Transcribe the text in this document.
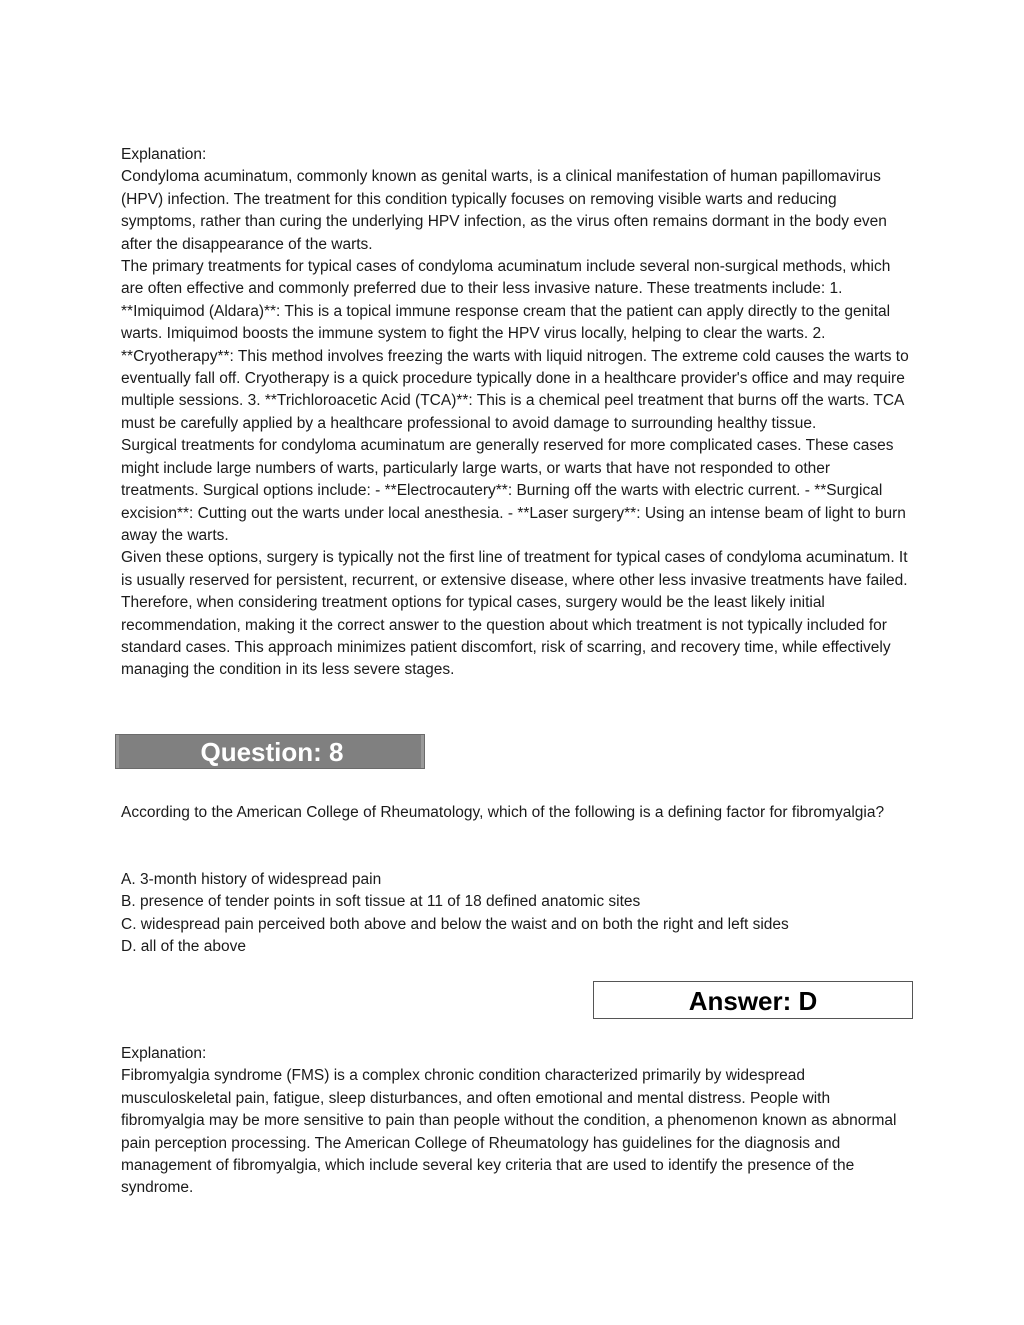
Explanation:

Condyloma acuminatum, commonly known as genital warts, is a clinical manifestation of human papillomavirus (HPV) infection. The treatment for this condition typically focuses on removing visible warts and reducing symptoms, rather than curing the underlying HPV infection, as the virus often remains dormant in the body even after the disappearance of the warts.

The primary treatments for typical cases of condyloma acuminatum include several non-surgical methods, which are often effective and commonly preferred due to their less invasive nature. These treatments include: 1. **Imiquimod (Aldara)**: This is a topical immune response cream that the patient can apply directly to the genital warts. Imiquimod boosts the immune system to fight the HPV virus locally, helping to clear the warts. 2. **Cryotherapy**: This method involves freezing the warts with liquid nitrogen. The extreme cold causes the warts to eventually fall off. Cryotherapy is a quick procedure typically done in a healthcare provider's office and may require multiple sessions. 3. **Trichloroacetic Acid (TCA)**: This is a chemical peel treatment that burns off the warts. TCA must be carefully applied by a healthcare professional to avoid damage to surrounding healthy tissue.

Surgical treatments for condyloma acuminatum are generally reserved for more complicated cases. These cases might include large numbers of warts, particularly large warts, or warts that have not responded to other treatments. Surgical options include: - **Electrocautery**: Burning off the warts with electric current. - **Surgical excision**: Cutting out the warts under local anesthesia. - **Laser surgery**: Using an intense beam of light to burn away the warts.

Given these options, surgery is typically not the first line of treatment for typical cases of condyloma acuminatum. It is usually reserved for persistent, recurrent, or extensive disease, where other less invasive treatments have failed. Therefore, when considering treatment options for typical cases, surgery would be the least likely initial recommendation, making it the correct answer to the question about which treatment is not typically included for standard cases. This approach minimizes patient discomfort, risk of scarring, and recovery time, while effectively managing the condition in its less severe stages.

Question: 8

According to the American College of Rheumatology, which of the following is a defining factor for fibromyalgia?

A. 3-month history of widespread pain

B. presence of tender points in soft tissue at 11 of 18 defined anatomic sites

C. widespread pain perceived both above and below the waist and on both the right and left sides

D. all of the above

Answer: D

Explanation:

Fibromyalgia syndrome (FMS) is a complex chronic condition characterized primarily by widespread musculoskeletal pain, fatigue, sleep disturbances, and often emotional and mental distress. People with fibromyalgia may be more sensitive to pain than people without the condition, a phenomenon known as abnormal pain perception processing. The American College of Rheumatology has guidelines for the diagnosis and management of fibromyalgia, which include several key criteria that are used to identify the presence of the syndrome.
